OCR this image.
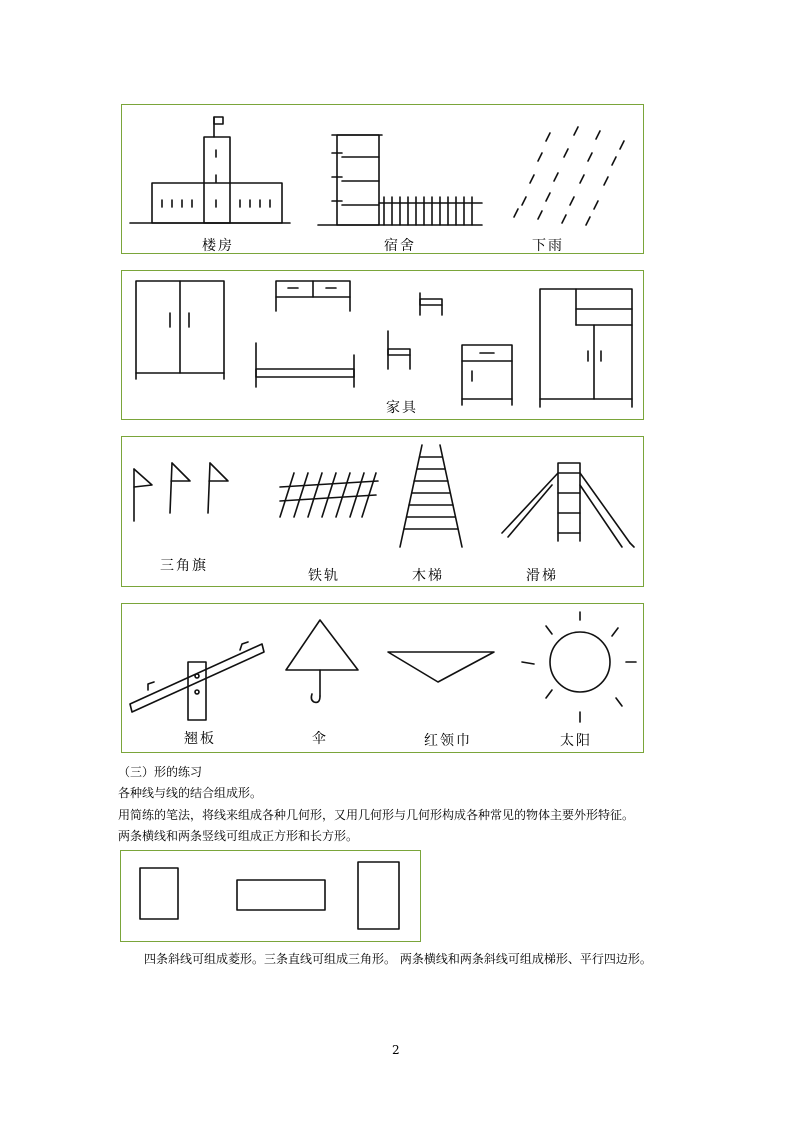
楼房	宿舍	下雨
家具
三角旗
铁轨	木梯	滑梯
翘板	伞	红领巾	太阳
（三）形的练习
各种线与线的结合组成形。
用简练的笔法，将线来组成各种几何形，又用几何形与几何形构成各种常见的物体主要外形特征。
两条横线和两条竖线可组成正方形和长方形。
四条斜线可组成菱形。三条直线可组成三角形。 两条横线和两条斜线可组成梯形、平行四边形。
2
